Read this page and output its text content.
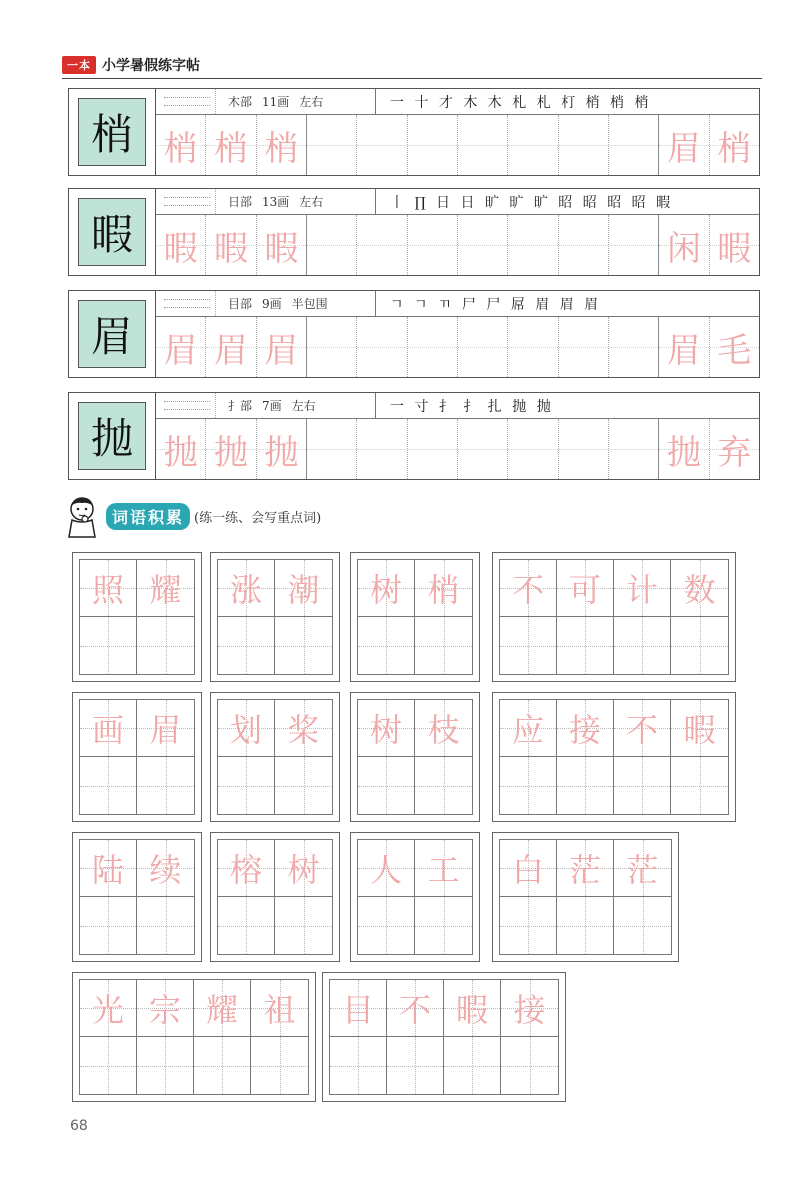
一本 小学暑假练字帖
梢
木部 11画 左右	一 十 才 木 木 札 札 朾 梢 梢 梢
梢 梢 梢	眉 梢
暇
日部 13画 左右	丨 ∏ 日 日 旷 旷 旷 昭 昭 昭 昭 暇
暇 暇 暇	闲 暇
眉
目部 9画 半包围	ㄱ ㄱ ㄲ 尸 尸 屌 眉 眉 眉
眉 眉 眉	眉 毛
抛
扌部 7画 左右	一 寸 扌 扌 扎 抛 抛
抛 抛 抛	抛 弃
词语积累 (练一练、会写重点词)
照 耀 涨 潮 树 梢 不 可 计 数
画 眉 划 桨 树 枝 应 接 不 暇
陆 续 榕 树 人 工 白 茫 茫
光 宗 耀 祖 目 不 暇 接
68
